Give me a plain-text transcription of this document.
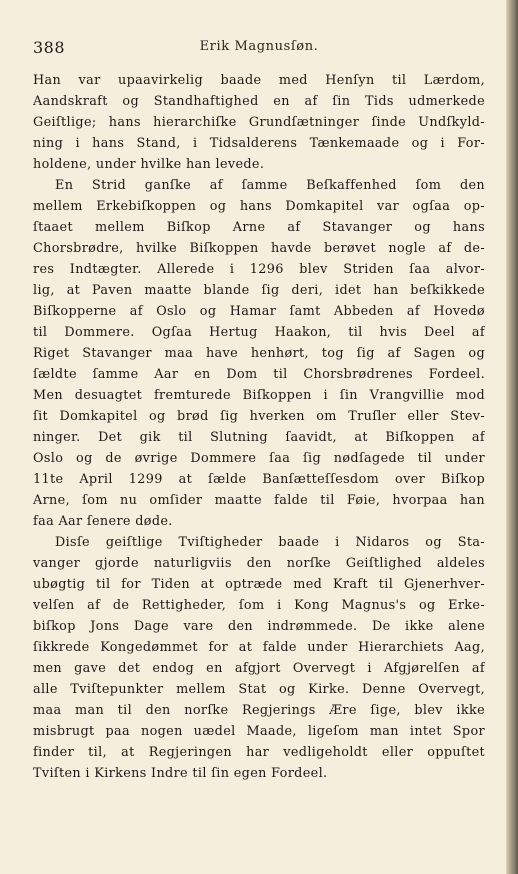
388	Erik Magnusſøn.
Han var upaavirkelig baade med Henſyn til Lærdom,
Aandskraft og Standhaftighed en af ſin Tids udmerkede
Geiſtlige; hans hierarchiſke Grundſætninger ſinde Undſkyld-
ning i hans Stand, i Tidsalderens Tænkemaade og i For-
holdene, under hvilke han levede.
En Strid ganſke af ſamme Beſkaffenhed ſom den
mellem Erkebiſkoppen og hans Domkapitel var ogſaa op-
ſtaaet mellem Biſkop Arne af Stavanger og hans
Chorsbrødre, hvilke Biſkoppen havde berøvet nogle af de-
res Indtægter. Allerede i 1296 blev Striden ſaa alvor-
lig, at Paven maatte blande ſig deri, idet han beſkikkede
Biſkopperne af Oslo og Hamar ſamt Abbeden af Hovedø
til Dommere. Ogſaa Hertug Haakon, til hvis Deel af
Riget Stavanger maa have henhørt, tog ſig af Sagen og
ſældte ſamme Aar en Dom til Chorsbrødrenes Fordeel.
Men desuagtet fremturede Biſkoppen i ſin Vrangvillie mod
ſit Domkapitel og brød ſig hverken om Truſler eller Stev-
ninger. Det gik til Slutning ſaavidt, at Biſkoppen af
Oslo og de øvrige Dommere ſaa ſig nødſagede til under
11te April 1299 at ſælde Banſætteſſesdom over Biſkop
Arne, ſom nu omſider maatte falde til Føie, hvorpaa han
faa Aar ſenere døde.
Disſe geiſtlige Tviſtigheder baade i Nidaros og Sta-
vanger gjorde naturligviis den norſke Geiſtlighed aldeles
ubøgtig til for Tiden at optræde med Kraft til Gjenerhver-
velſen af de Rettigheder, ſom i Kong Magnus's og Erke-
biſkop Jons Dage vare den indrømmede. De ikke alene
ſikkrede Kongedømmet for at falde under Hierarchiets Aag,
men gave det endog en afgjort Overvegt i Afgjørelſen af
alle Tviſtepunkter mellem Stat og Kirke. Denne Overvegt,
maa man til den norſke Regjerings Ære ſige, blev ikke
misbrugt paa nogen uædel Maade, ligeſom man intet Spor
finder til, at Regjeringen har vedligeholdt eller oppuſtet
Tviſten i Kirkens Indre til ſin egen Fordeel.
